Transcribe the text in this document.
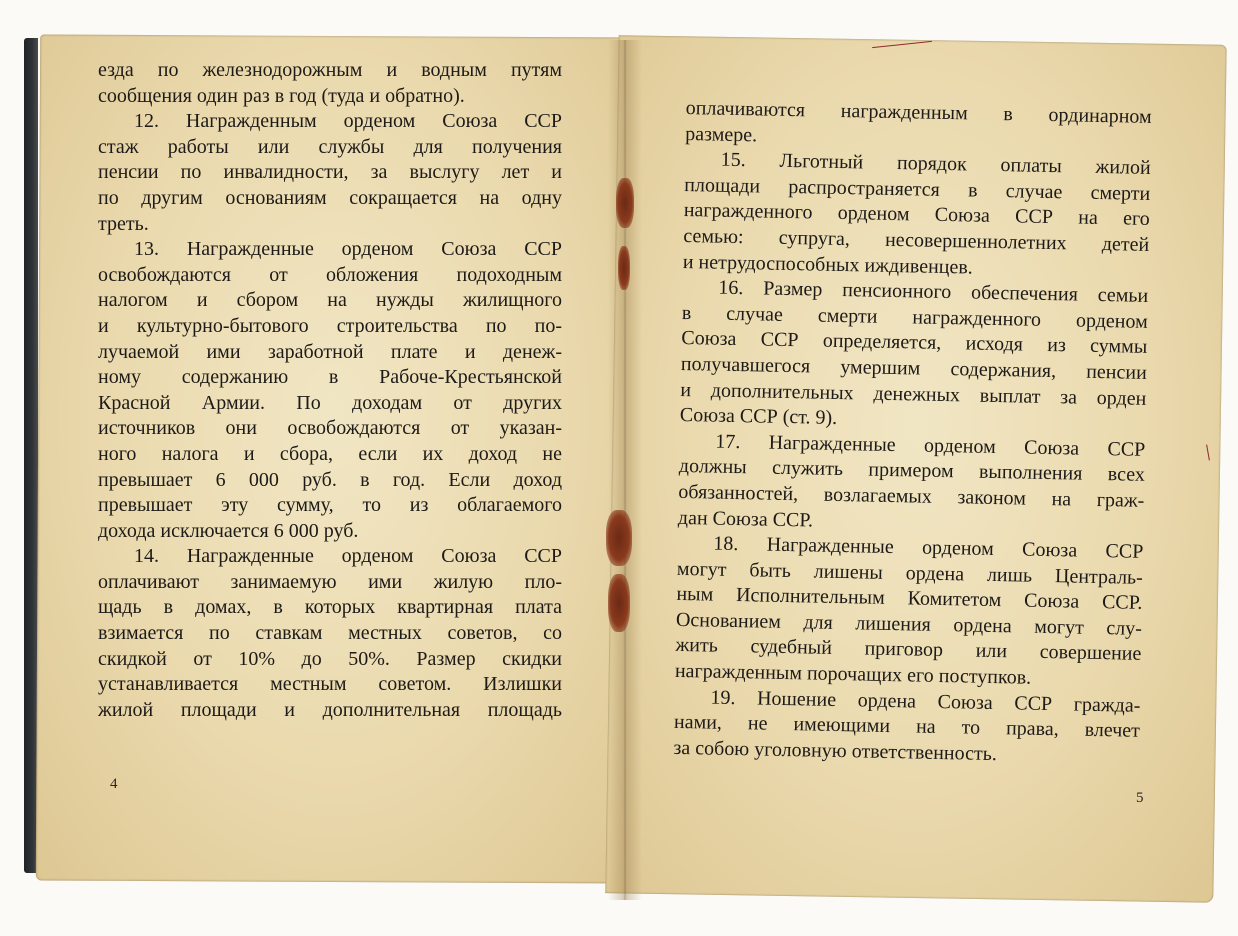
езда по железнодорожным и водным путям
сообщения один раз в год (туда и обратно).
12. Награжденным орденом Союза ССР
стаж работы или службы для получения
пенсии по инвалидности, за выслугу лет и
по другим основаниям сокращается на одну
треть.
13. Награжденные орденом Союза ССР
освобождаются от обложения подоходным
налогом и сбором на нужды жилищного
и культурно-бытового строительства по по-
лучаемой ими заработной плате и денеж-
ному содержанию в Рабоче-Крестьянской
Красной Армии. По доходам от других
источников они освобождаются от указан-
ного налога и сбора, если их доход не
превышает 6 000 руб. в год. Если доход
превышает эту сумму, то из облагаемого
дохода исключается 6 000 руб.
14. Награжденные орденом Союза ССР
оплачивают занимаемую ими жилую пло-
щадь в домах, в которых квартирная плата
взимается по ставкам местных советов, со
скидкой от 10% до 50%. Размер скидки
устанавливается местным советом. Излишки
жилой площади и дополнительная площадь
оплачиваются награжденным в ординарном
размере.
15. Льготный порядок оплаты жилой
площади распространяется в случае смерти
награжденного орденом Союза ССР на его
семью: супруга, несовершеннолетних детей
и нетрудоспособных иждивенцев.
16. Размер пенсионного обеспечения семьи
в случае смерти награжденного орденом
Союза ССР определяется, исходя из суммы
получавшегося умершим содержания, пенсии
и дополнительных денежных выплат за орден
Союза ССР (ст. 9).
17. Награжденные орденом Союза ССР
должны служить примером выполнения всех
обязанностей, возлагаемых законом на граж-
дан Союза ССР.
18. Награжденные орденом Союза ССР
могут быть лишены ордена лишь Централь-
ным Исполнительным Комитетом Союза ССР.
Основанием для лишения ордена могут слу-
жить судебный приговор или совершение
награжденным порочащих его поступков.
19. Ношение ордена Союза ССР гражда-
нами, не имеющими на то права, влечет
за собою уголовную ответственность.
4
5
